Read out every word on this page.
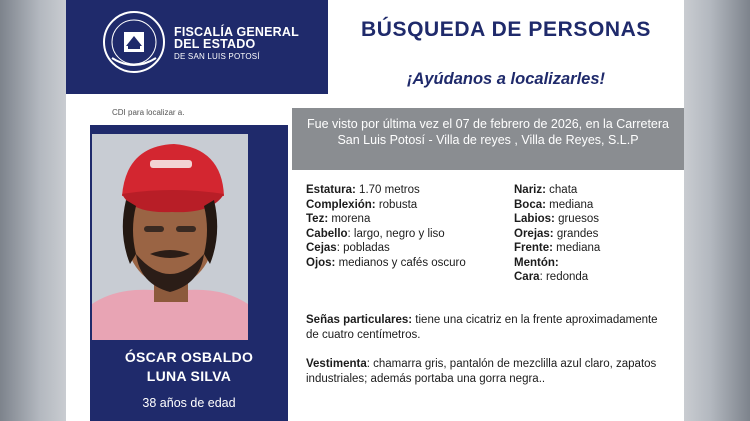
FISCALÍA GENERAL
DEL ESTADO
DE SAN LUIS POTOSÍ
BÚSQUEDA DE PERSONAS
¡Ayúdanos a localizarles!
CDI para localizar a.
ÓSCAR OSBALDO
LUNA SILVA
38 años de edad
Fue visto por última vez el 07 de febrero de 2026, en la Carretera San Luis Potosí - Villa de reyes , Villa de Reyes, S.L.P
Estatura: 1.70 metros
Complexión: robusta
Tez: morena
Cabello: largo, negro y liso
Cejas: pobladas
Ojos: medianos y cafés oscuro
Nariz: chata
Boca: mediana
Labios: gruesos
Orejas: grandes
Frente: mediana
Mentón:
Cara: redonda
Señas particulares: tiene una cicatriz en la frente aproximadamente de cuatro centímetros.
Vestimenta: chamarra gris, pantalón de mezclilla azul claro, zapatos industriales; además portaba una gorra negra..
